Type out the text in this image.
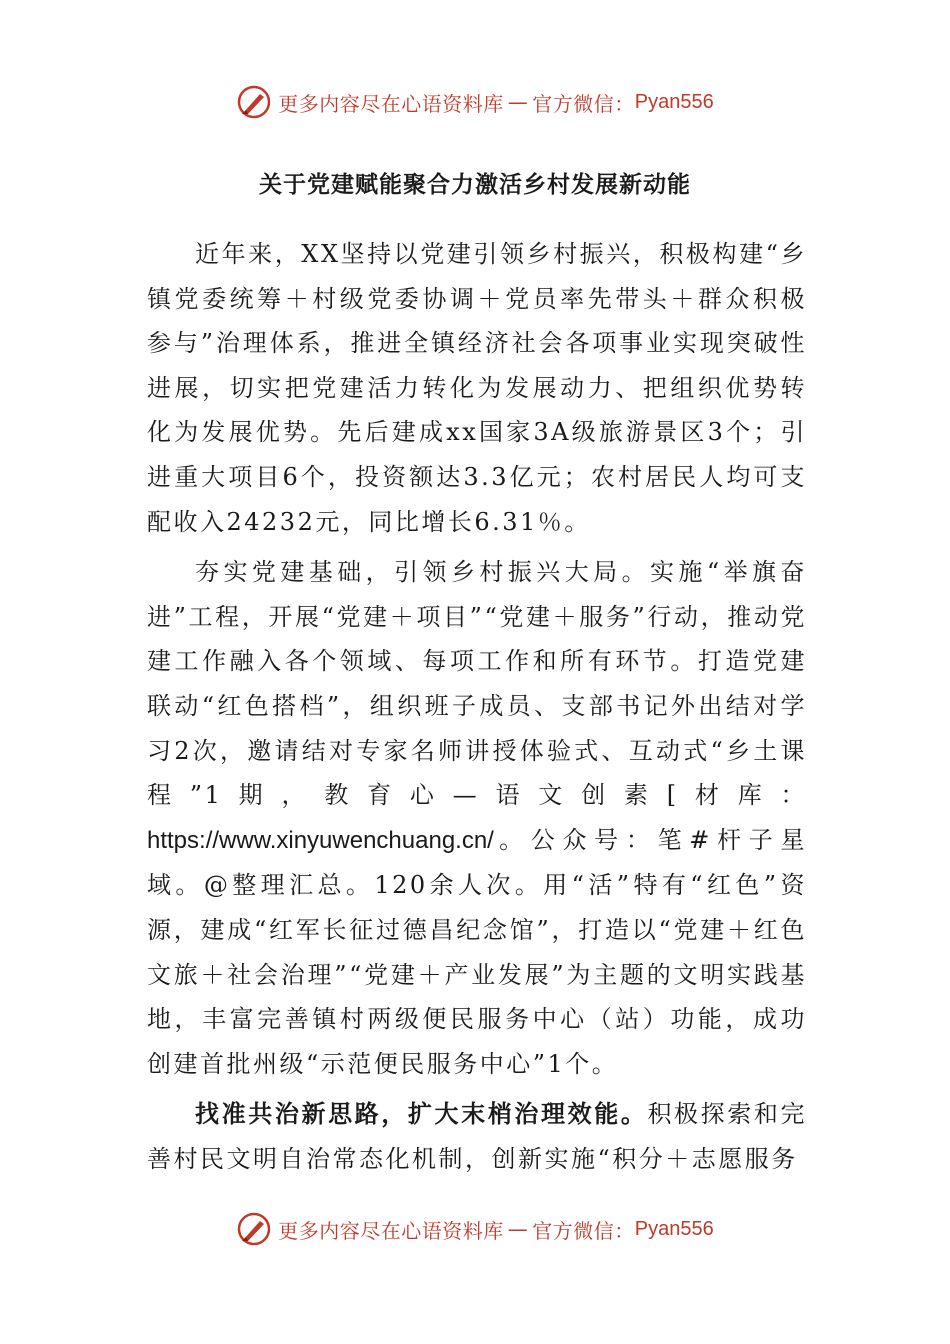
更多内容尽在心语资料库 — 官方微信： Pyan556
关于党建赋能聚合力激活乡村发展新动能

近年来，XX坚持以党建引领乡村振兴，积极构建“乡镇党委统筹＋村级党委协调＋党员率先带头＋群众积极参与”治理体系，推进全镇经济社会各项事业实现突破性进展，切实把党建活力转化为发展动力、把组织优势转化为发展优势。先后建成xx国家3A级旅游景区3个；引进重大项目6个，投资额达3.3亿元；农村居民人均可支配收入24232元，同比增长6.31％。

夯实党建基础，引领乡村振兴大局。实施“举旗奋进”工程，开展“党建＋项目”“党建＋服务”行动，推动党建工作融入各个领域、每项工作和所有环节。打造党建联动“红色搭档”，组织班子成员、支部书记外出结对学习2次，邀请结对专家名师讲授体验式、互动式“乡土课程”1期，教育心—语文创素[材库：https://www.xinyuwenchuang.cn/。公众号：笔#杆子星域。@整理汇总。120余人次。用“活”特有“红色”资源，建成“红军长征过德昌纪念馆”，打造以“党建＋红色文旅＋社会治理”“党建＋产业发展”为主题的文明实践基地，丰富完善镇村两级便民服务中心（站）功能，成功创建首批州级“示范便民服务中心”1个。

找准共治新思路，扩大末梢治理效能。积极探索和完善村民文明自治常态化机制，创新实施“积分＋志愿服务

更多内容尽在心语资料库 — 官方微信： Pyan556
